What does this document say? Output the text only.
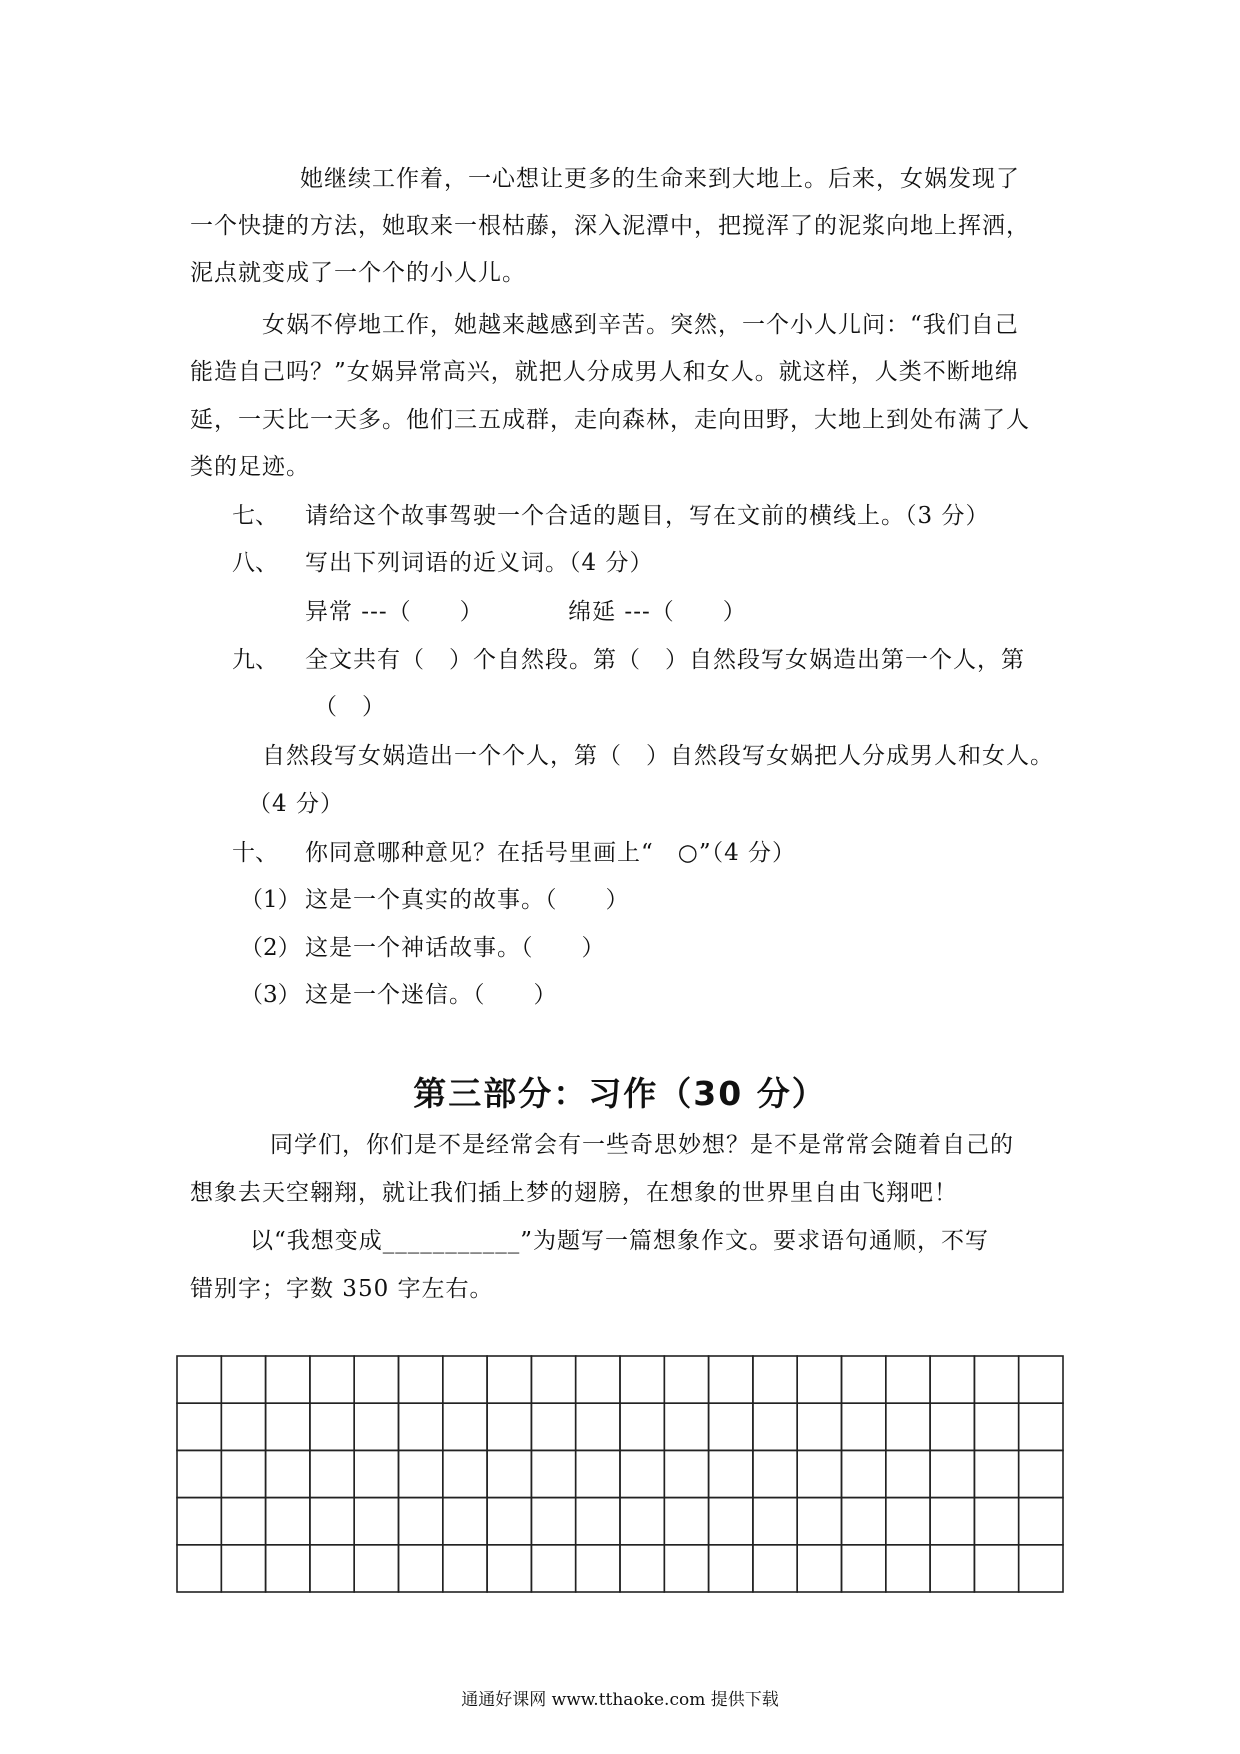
她继续工作着，一心想让更多的生命来到大地上。后来，女娲发现了
一个快捷的方法，她取来一根枯藤，深入泥潭中，把搅浑了的泥浆向地上挥洒，
泥点就变成了一个个的小人儿。
女娲不停地工作，她越来越感到辛苦。突然，一个小人儿问：“我们自己
能造自己吗？”女娲异常高兴，就把人分成男人和女人。就这样，人类不断地绵
延，一天比一天多。他们三五成群，走向森林，走向田野，大地上到处布满了人
类的足迹。
七、 请给这个故事驾驶一个合适的题目，写在文前的横线上。（3 分）
八、 写出下列词语的近义词。（4 分）
异常 ---（　　）　　　　绵延 ---（　　）
九、 全文共有（　）个自然段。第（　）自然段写女娲造出第一个人，第
（　）
自然段写女娲造出一个个人，第（　）自然段写女娲把人分成男人和女人。
（4 分）
十、 你同意哪种意见？在括号里画上“　○”（4 分）
（1） 这是一个真实的故事。（　　）
（2） 这是一个神话故事。（　　）
（3） 这是一个迷信。（　　）
第三部分：习作（30 分）
同学们，你们是不是经常会有一些奇思妙想？是不是常常会随着自己的
想象去天空翱翔，就让我们插上梦的翅膀，在想象的世界里自由飞翔吧！
以“我想变成___________”为题写一篇想象作文。要求语句通顺，不写
错别字；字数 350 字左右。
通通好课网 www.tthaoke.com 提供下载
